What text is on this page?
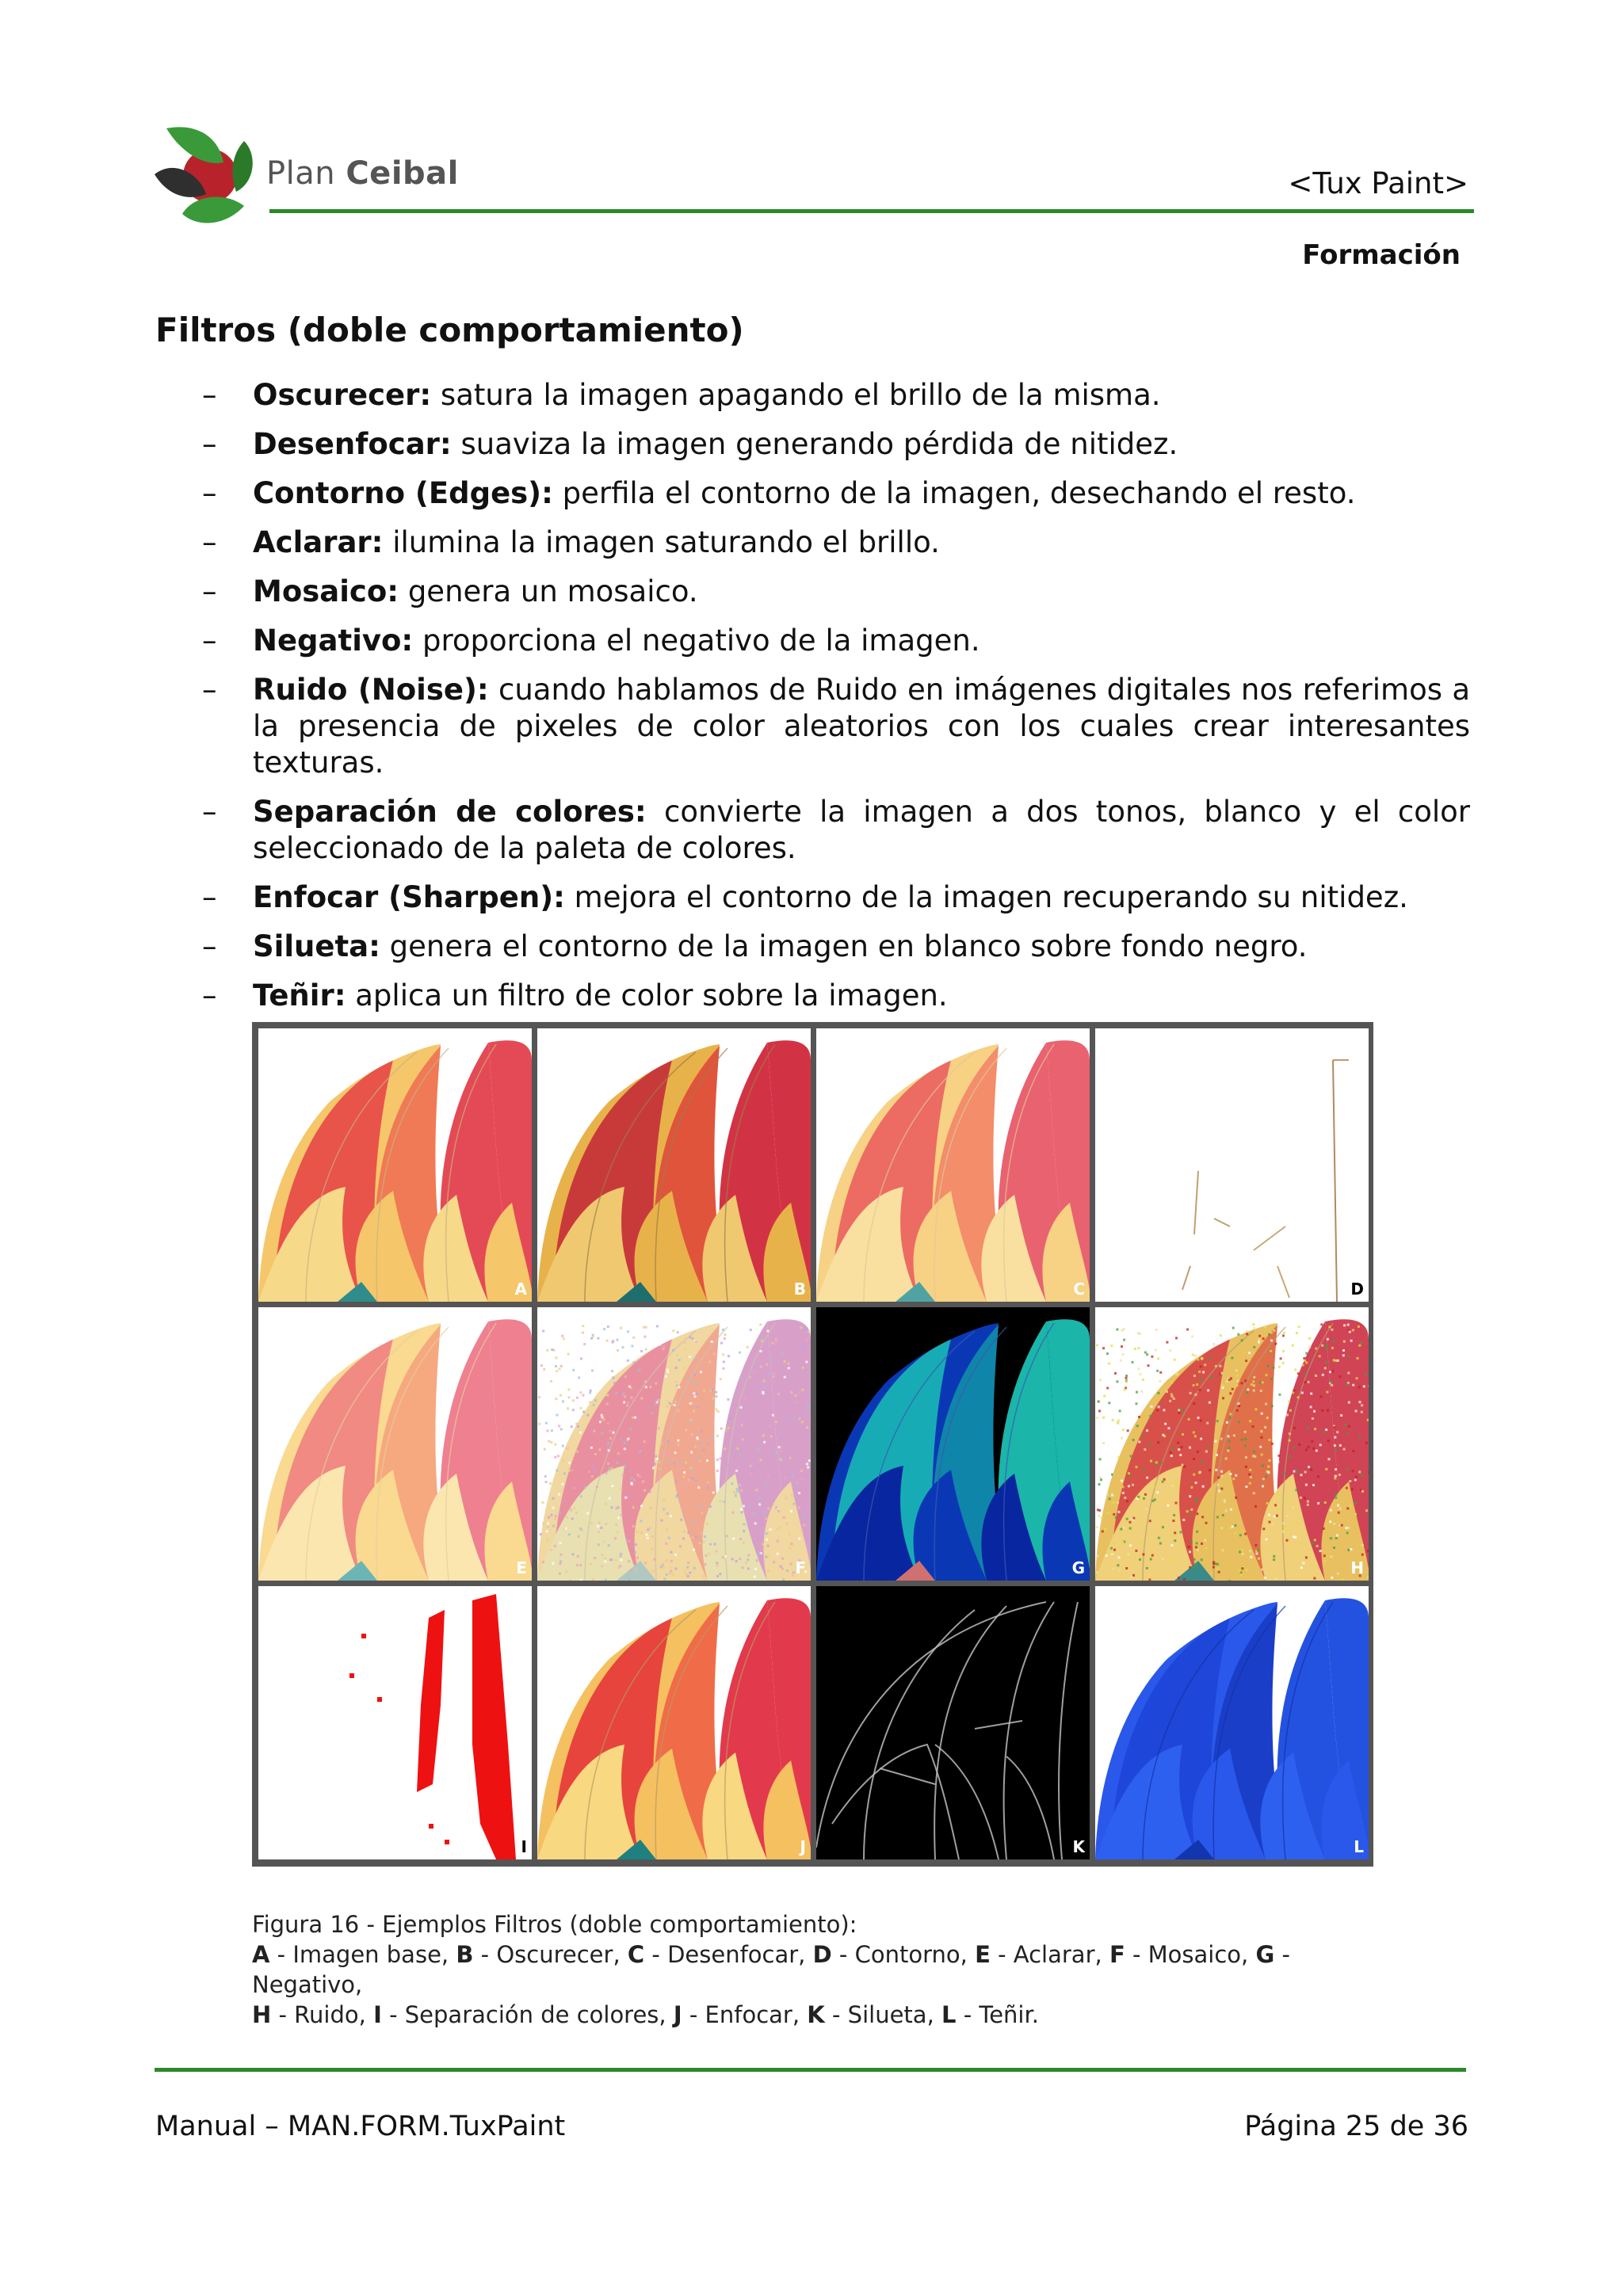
Plan Ceibal	<Tux Paint>
Formación
Filtros (doble comportamiento)
– Oscurecer: satura la imagen apagando el brillo de la misma.
– Desenfocar: suaviza la imagen generando pérdida de nitidez.
– Contorno (Edges): perfila el contorno de la imagen, desechando el resto.
– Aclarar: ilumina la imagen saturando el brillo.
– Mosaico: genera un mosaico.
– Negativo: proporciona el negativo de la imagen.
– Ruido (Noise): cuando hablamos de Ruido en imágenes digitales nos referimos a la presencia de pixeles de color aleatorios con los cuales crear interesantes texturas.
– Separación de colores: convierte la imagen a dos tonos, blanco y el color seleccionado de la paleta de colores.
– Enfocar (Sharpen): mejora el contorno de la imagen recuperando su nitidez.
– Silueta: genera el contorno de la imagen en blanco sobre fondo negro.
– Teñir: aplica un filtro de color sobre la imagen.
A	B	C	D
E	F	G	H
I	J	K	L
Figura 16 - Ejemplos Filtros (doble comportamiento):
A - Imagen base, B - Oscurecer, C - Desenfocar, D - Contorno, E - Aclarar, F - Mosaico, G - Negativo,
H - Ruido, I - Separación de colores, J - Enfocar, K - Silueta, L - Teñir.
Manual – MAN.FORM.TuxPaint	Página 25 de 36
